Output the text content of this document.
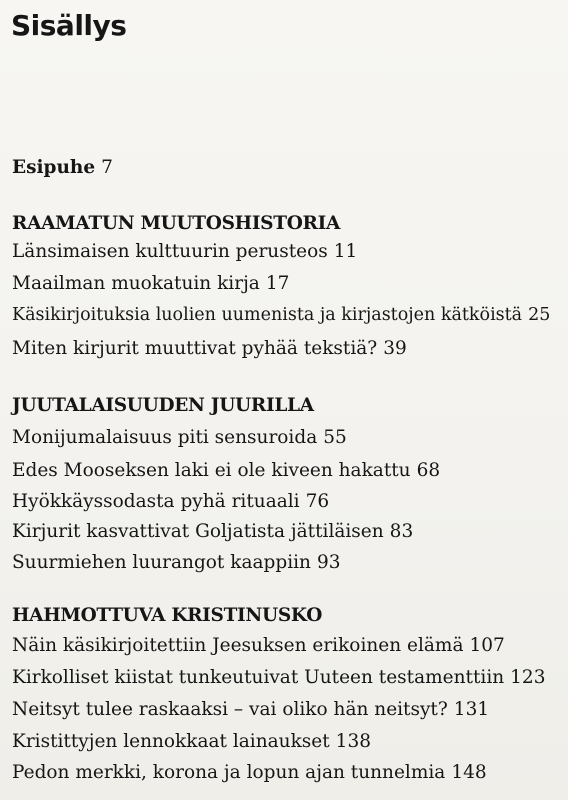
Sisällys
Esipuhe 7
RAAMATUN MUUTOSHISTORIA
Länsimaisen kulttuurin perusteos 11
Maailman muokatuin kirja 17
Käsikirjoituksia luolien uumenista ja kirjastojen kätköistä 25
Miten kirjurit muuttivat pyhää tekstiä? 39
JUUTALAISUUDEN JUURILLA
Monijumalaisuus piti sensuroida 55
Edes Mooseksen laki ei ole kiveen hakattu 68
Hyökkäyssodasta pyhä rituaali 76
Kirjurit kasvattivat Goljatista jättiläisen 83
Suurmiehen luurangot kaappiin 93
HAHMOTTUVA KRISTINUSKO
Näin käsikirjoitettiin Jeesuksen erikoinen elämä 107
Kirkolliset kiistat tunkeutuivat Uuteen testamenttiin 123
Neitsyt tulee raskaaksi – vai oliko hän neitsyt? 131
Kristittyjen lennokkaat lainaukset 138
Pedon merkki, korona ja lopun ajan tunnelmia 148
